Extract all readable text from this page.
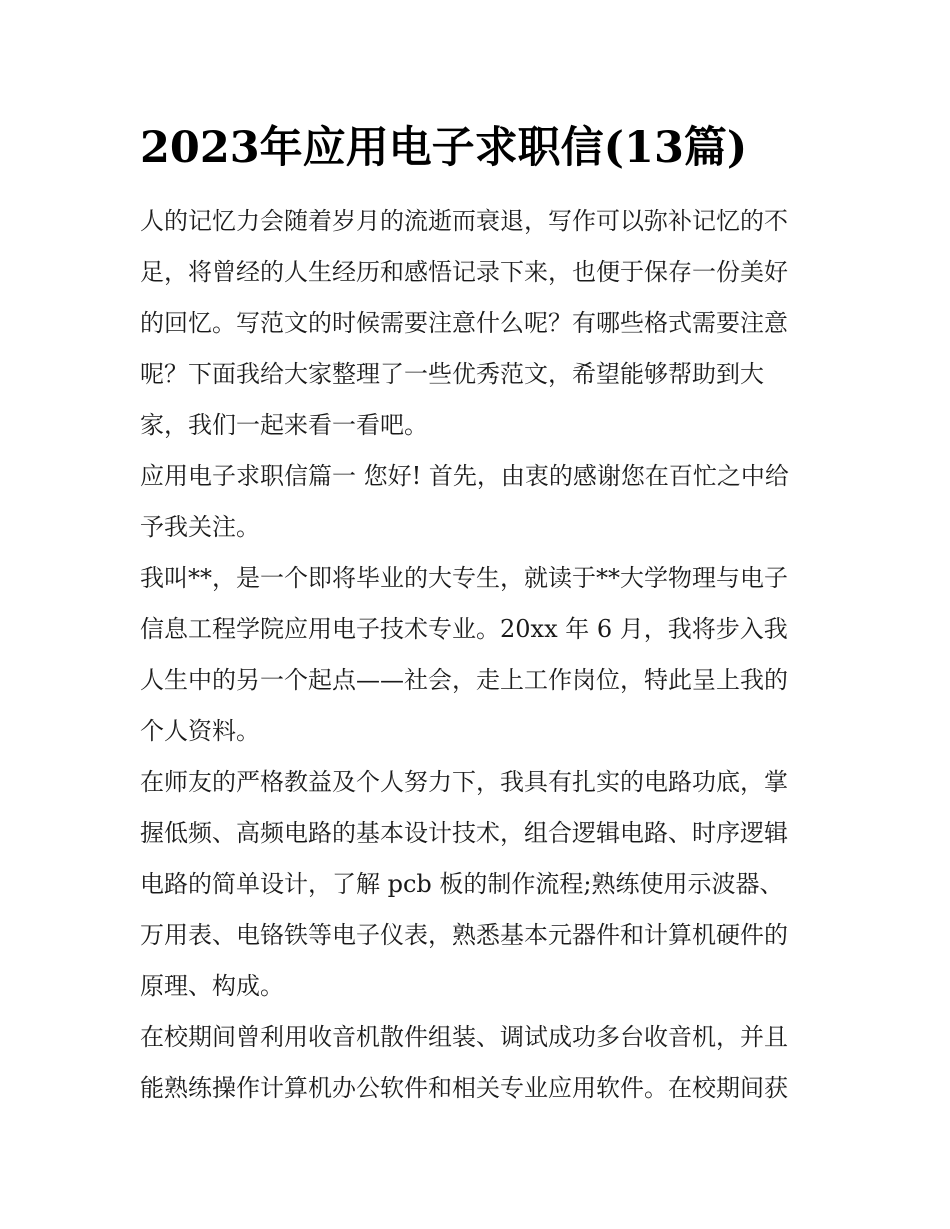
2023年应用电子求职信(13篇)
人的记忆力会随着岁月的流逝而衰退，写作可以弥补记忆的不
足，将曾经的人生经历和感悟记录下来，也便于保存一份美好
的回忆。写范文的时候需要注意什么呢？有哪些格式需要注意
呢？下面我给大家整理了一些优秀范文，希望能够帮助到大
家，我们一起来看一看吧。
应用电子求职信篇一 您好! 首先，由衷的感谢您在百忙之中给
予我关注。
我叫**，是一个即将毕业的大专生，就读于**大学物理与电子
信息工程学院应用电子技术专业。20xx 年 6 月，我将步入我
人生中的另一个起点——社会，走上工作岗位，特此呈上我的
个人资料。
在师友的严格教益及个人努力下，我具有扎实的电路功底，掌
握低频、高频电路的基本设计技术，组合逻辑电路、时序逻辑
电路的简单设计，了解 pcb 板的制作流程;熟练使用示波器、
万用表、电铬铁等电子仪表，熟悉基本元器件和计算机硬件的
原理、构成。
在校期间曾利用收音机散件组装、调试成功多台收音机，并且
能熟练操作计算机办公软件和相关专业应用软件。在校期间获
